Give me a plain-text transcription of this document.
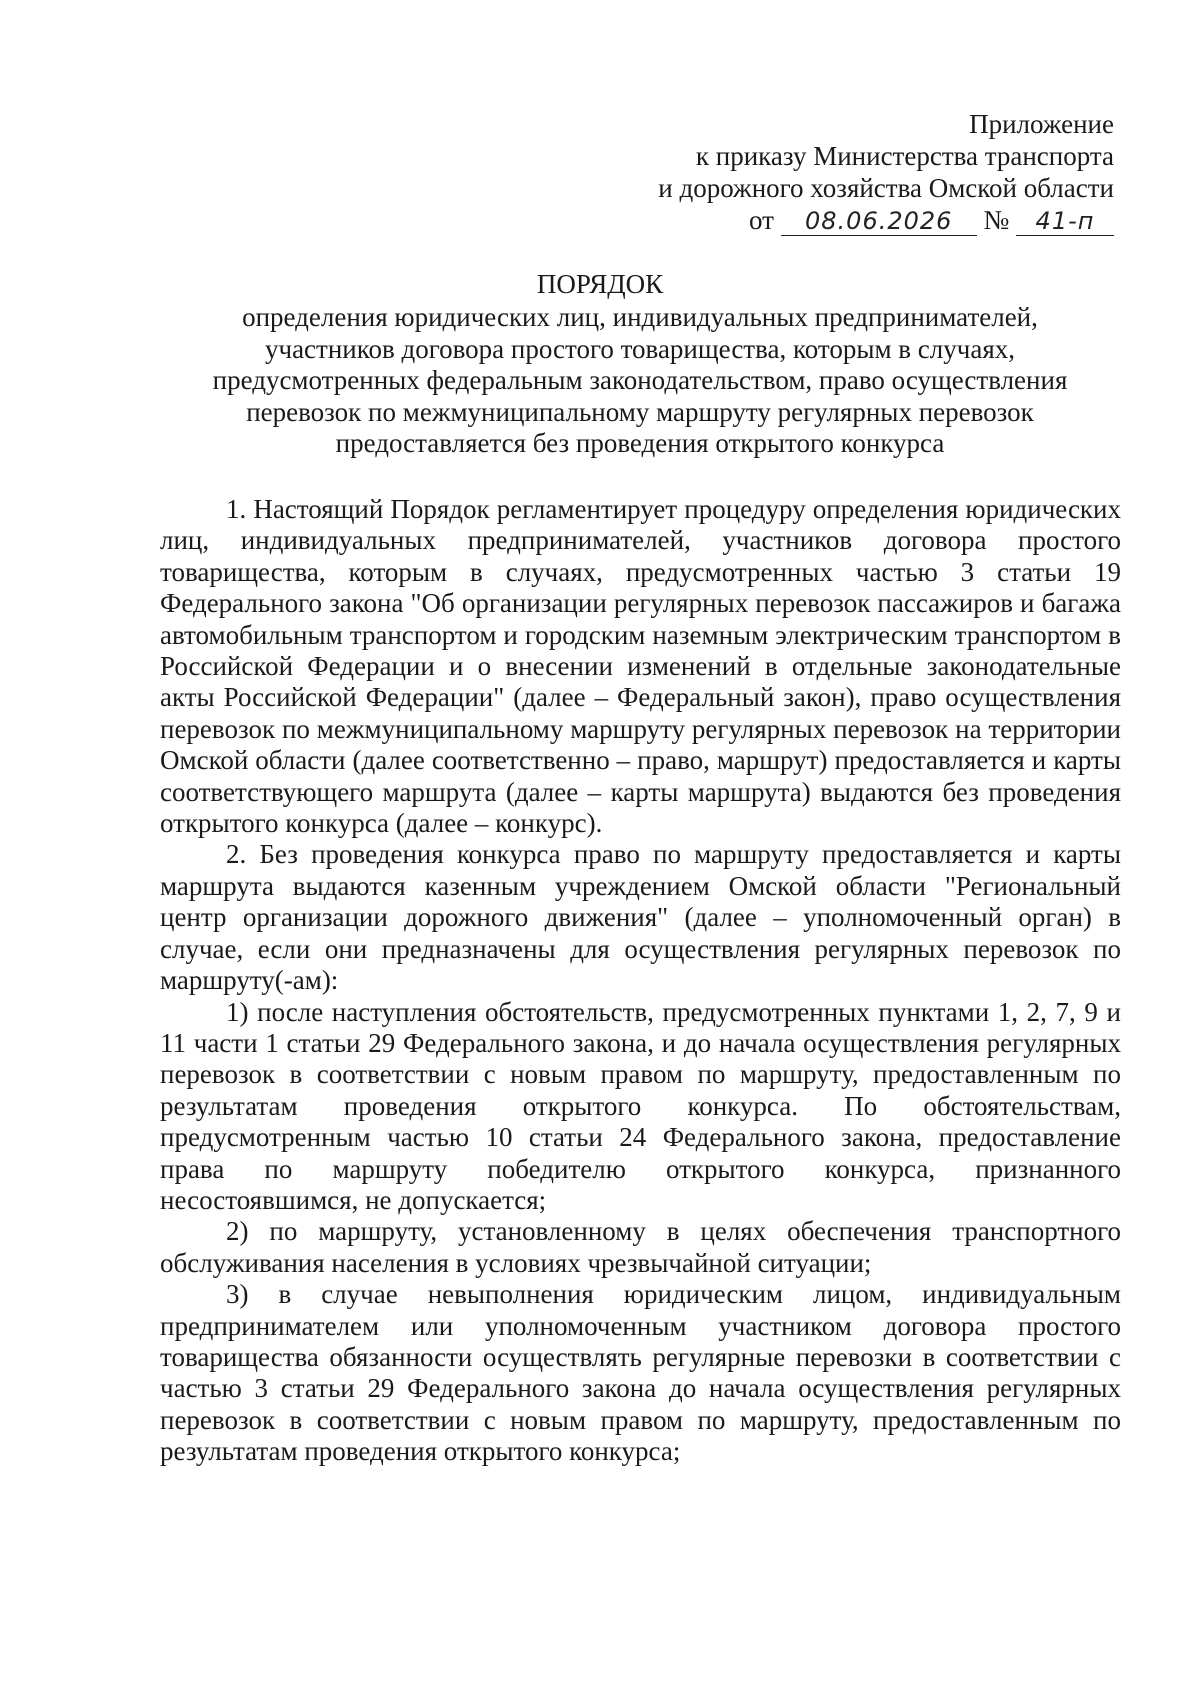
Приложение
к приказу Министерства транспорта
и дорожного хозяйства Омской области
от 08.06.2026 № 41-п
ПОРЯДОК
определения юридических лиц, индивидуальных предпринимателей,
участников договора простого товарищества, которым в случаях,
предусмотренных федеральным законодательством, право осуществления
перевозок по межмуниципальному маршруту регулярных перевозок
предоставляется без проведения открытого конкурса

1. Настоящий Порядок регламентирует процедуру определения юридических лиц, индивидуальных предпринимателей, участников договора простого товарищества, которым в случаях, предусмотренных частью 3 статьи 19 Федерального закона "Об организации регулярных перевозок пассажиров и багажа автомобильным транспортом и городским наземным электрическим транспортом в Российской Федерации и о внесении изменений в отдельные законодательные акты Российской Федерации" (далее – Федеральный закон), право осуществления перевозок по межмуниципальному маршруту регулярных перевозок на территории Омской области (далее соответственно – право, маршрут) предоставляется и карты соответствующего маршрута (далее – карты маршрута) выдаются без проведения открытого конкурса (далее – конкурс).

2. Без проведения конкурса право по маршруту предоставляется и карты маршрута выдаются казенным учреждением Омской области "Региональный центр организации дорожного движения" (далее – уполномоченный орган) в случае, если они предназначены для осуществления регулярных перевозок по маршруту(-ам):

1) после наступления обстоятельств, предусмотренных пунктами 1, 2, 7, 9 и 11 части 1 статьи 29 Федерального закона, и до начала осуществления регулярных перевозок в соответствии с новым правом по маршруту, предоставленным по результатам проведения открытого конкурса. По обстоятельствам, предусмотренным частью 10 статьи 24 Федерального закона, предоставление права по маршруту победителю открытого конкурса, признанного несостоявшимся, не допускается;

2) по маршруту, установленному в целях обеспечения транспортного обслуживания населения в условиях чрезвычайной ситуации;

3) в случае невыполнения юридическим лицом, индивидуальным предпринимателем или уполномоченным участником договора простого товарищества обязанности осуществлять регулярные перевозки в соответствии с частью 3 статьи 29 Федерального закона до начала осуществления регулярных перевозок в соответствии с новым правом по маршруту, предоставленным по результатам проведения открытого конкурса;
